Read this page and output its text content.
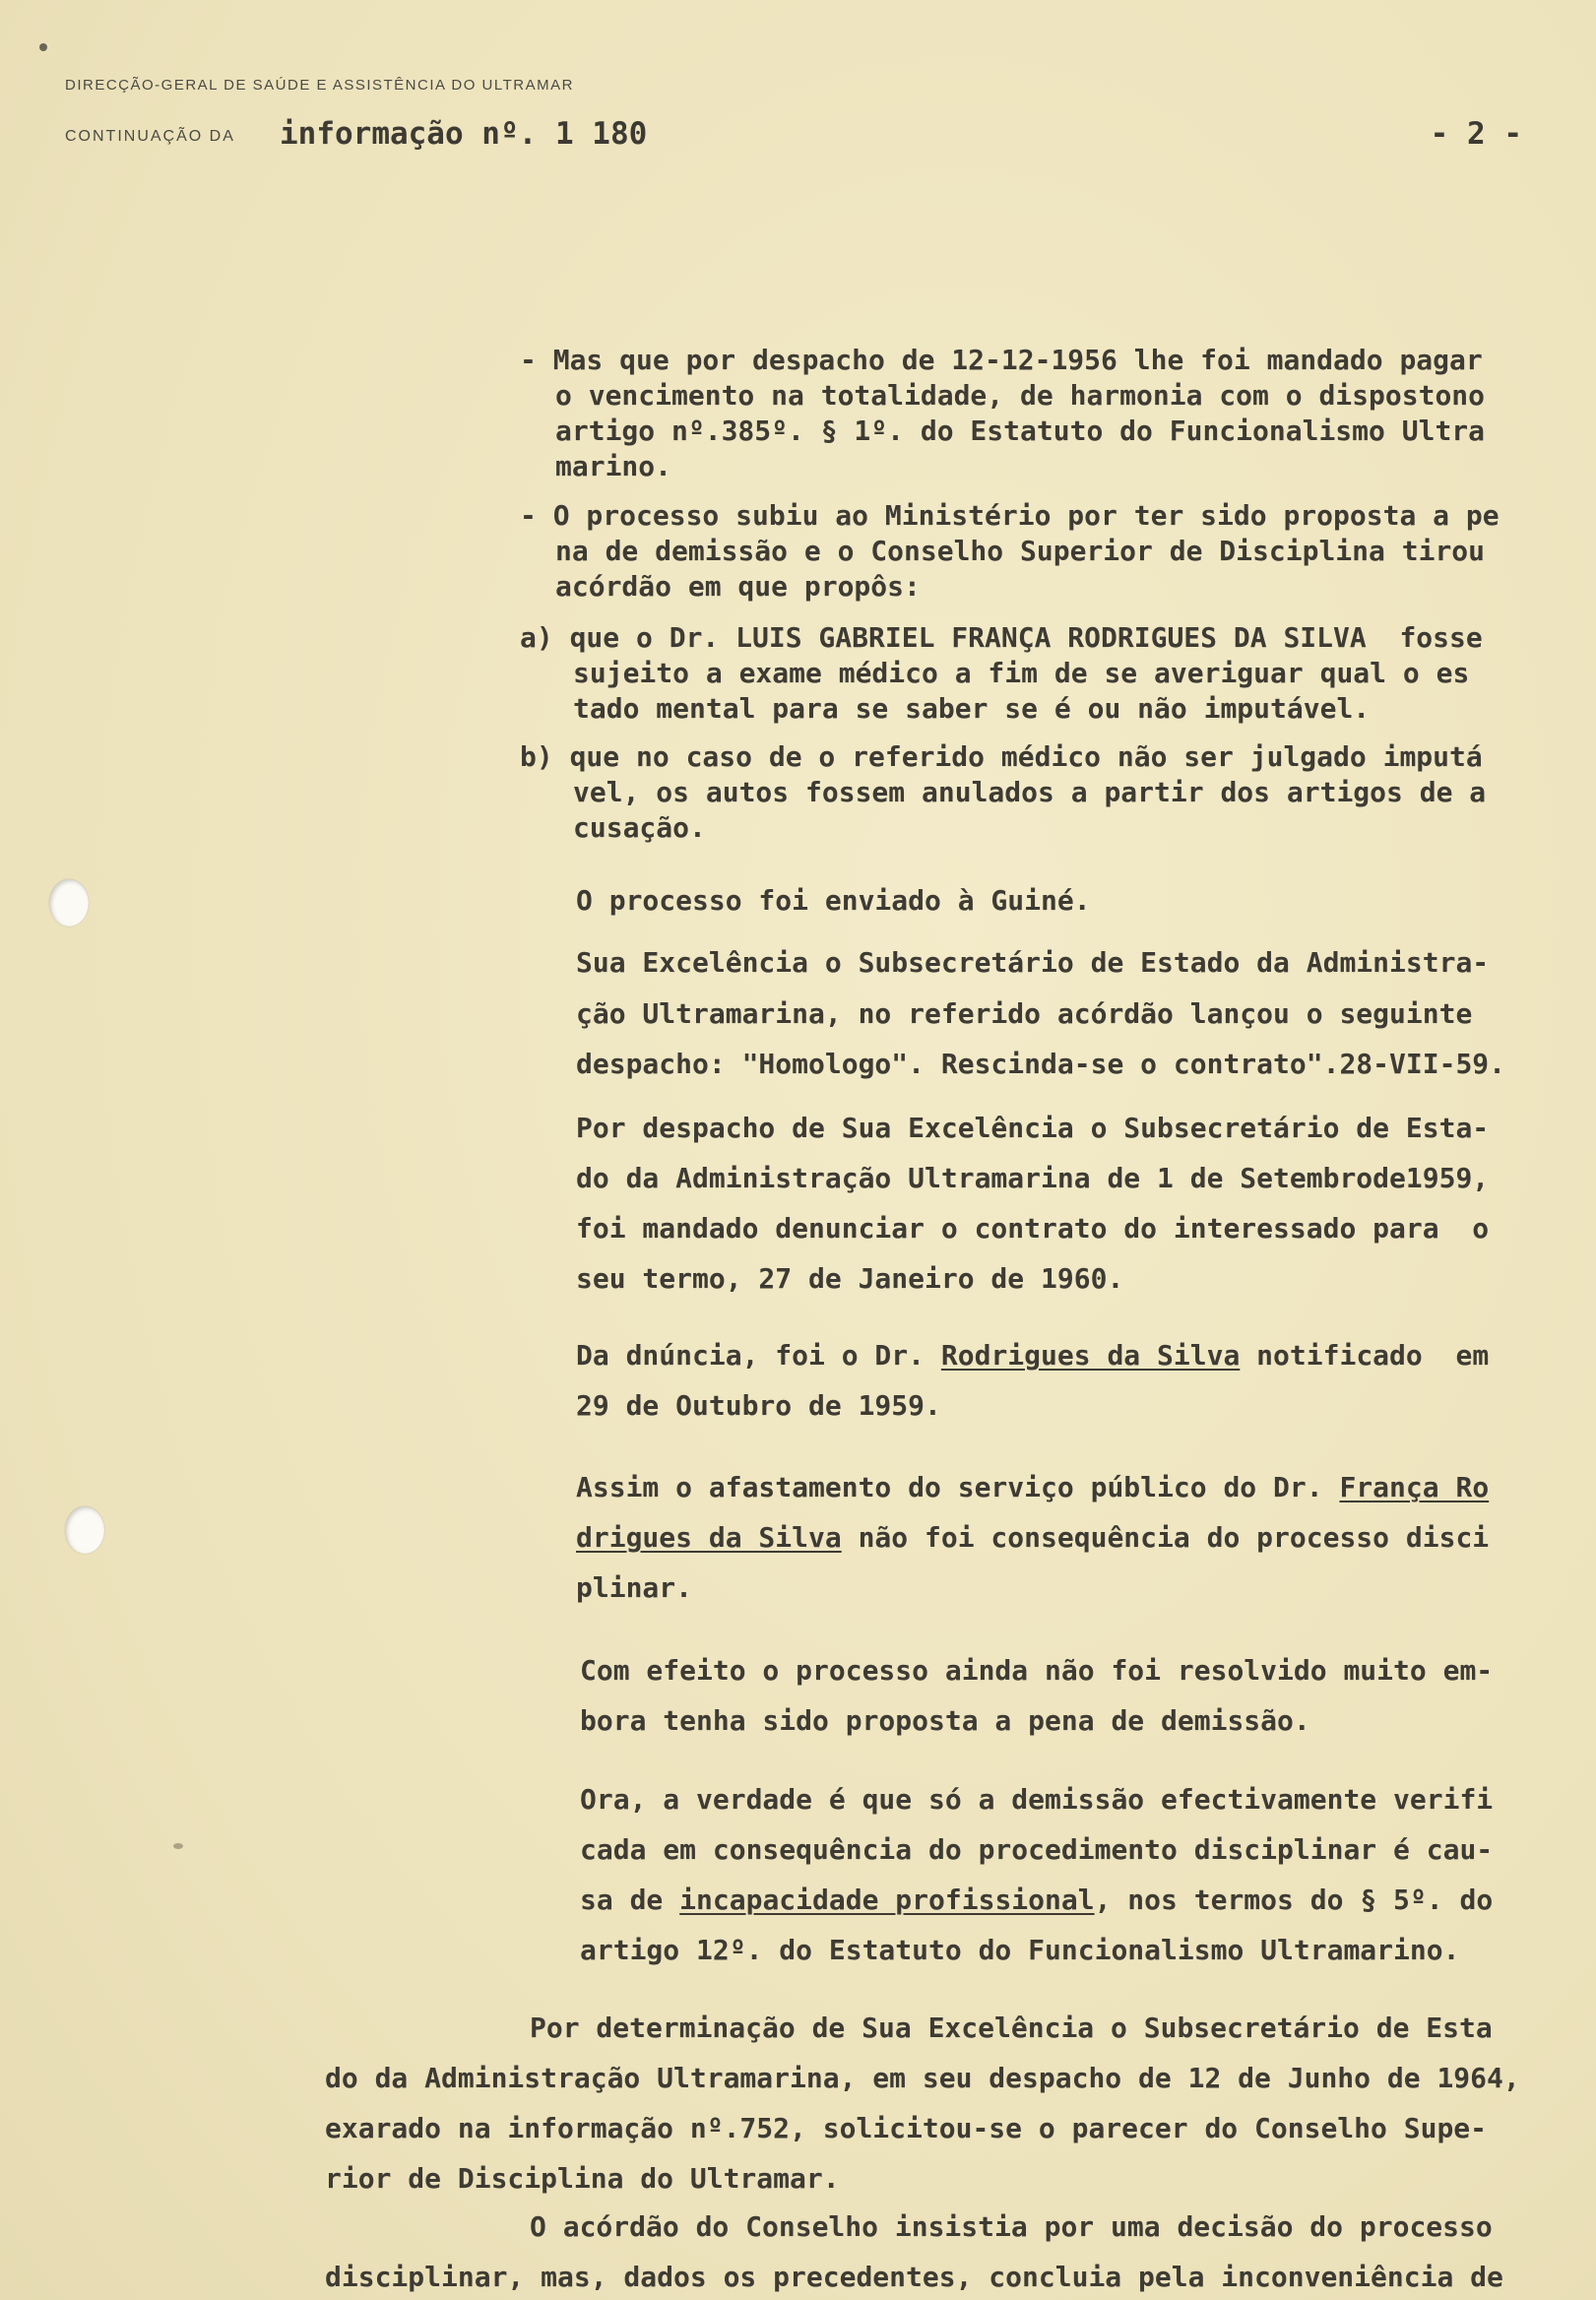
DIRECÇÃO-GERAL DE SAÚDE E ASSISTÊNCIA DO ULTRAMAR
CONTINUAÇÃO DA informação nº. 1 180	- 2 -
- Mas que por despacho de 12-12-1956 lhe foi mandado pagar
o vencimento na totalidade, de harmonia com o dispostono
artigo nº.385º. § 1º. do Estatuto do Funcionalismo Ultra
marino.
- O processo subiu ao Ministério por ter sido proposta a pe
na de demissão e o Conselho Superior de Disciplina tirou
acórdão em que propôs:
a) que o Dr. LUIS GABRIEL FRANÇA RODRIGUES DA SILVA  fosse
sujeito a exame médico a fim de se averiguar qual o es
tado mental para se saber se é ou não imputável.
b) que no caso de o referido médico não ser julgado imputá
vel, os autos fossem anulados a partir dos artigos de a
cusação.
O processo foi enviado à Guiné.
Sua Excelência o Subsecretário de Estado da Administra-
ção Ultramarina, no referido acórdão lançou o seguinte
despacho: "Homologo". Rescinda-se o contrato".28-VII-59.
Por despacho de Sua Excelência o Subsecretário de Esta-
do da Administração Ultramarina de 1 de Setembrode1959,
foi mandado denunciar o contrato do interessado para  o
seu termo, 27 de Janeiro de 1960.
Da dnúncia, foi o Dr. Rodrigues da Silva notificado  em
29 de Outubro de 1959.
Assim o afastamento do serviço público do Dr. França Ro
drigues da Silva não foi consequência do processo disci
plinar.
Com efeito o processo ainda não foi resolvido muito em-
bora tenha sido proposta a pena de demissão.
Ora, a verdade é que só a demissão efectivamente verifi
cada em consequência do procedimento disciplinar é cau-
sa de incapacidade profissional, nos termos do § 5º. do
artigo 12º. do Estatuto do Funcionalismo Ultramarino.
Por determinação de Sua Excelência o Subsecretário de Esta
do da Administração Ultramarina, em seu despacho de 12 de Junho de 1964,
exarado na informação nº.752, solicitou-se o parecer do Conselho Supe-
rior de Disciplina do Ultramar.
O acórdão do Conselho insistia por uma decisão do processo
disciplinar, mas, dados os precedentes, concluia pela inconveniência de
